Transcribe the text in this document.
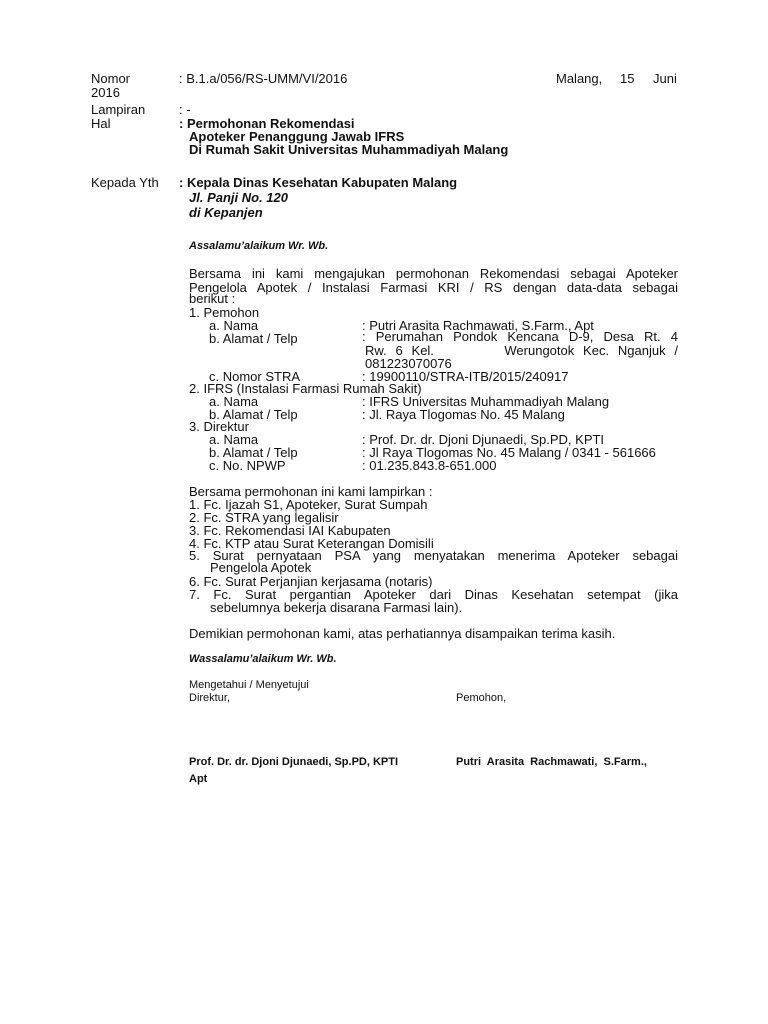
Nomor	: B.1.a/056/RS-UMM/VI/2016	Malang, 15 Juni
2016
Lampiran	: -
Hal	: Permohonan Rekomendasi
Apoteker Penanggung Jawab IFRS
Di Rumah Sakit Universitas Muhammadiyah Malang
Kepada Yth : Kepala Dinas Kesehatan Kabupaten Malang
Jl. Panji No. 120
di Kepanjen
Assalamu’alaikum Wr. Wb.
Bersama ini kami mengajukan permohonan Rekomendasi sebagai Apoteker
Pengelola Apotek / Instalasi Farmasi KRI / RS dengan data-data sebagai
berikut :
1. Pemohon
a. Nama	: Putri Arasita Rachmawati, S.Farm., Apt
b. Alamat / Telp	: Perumahan Pondok Kencana D-9, Desa Rt. 4
Rw. 6 Kel.        Werungotok Kec. Nganjuk /
081223070076
c. Nomor STRA	: 19900110/STRA-ITB/2015/240917
2. IFRS (Instalasi Farmasi Rumah Sakit)
a. Nama	: IFRS Universitas Muhammadiyah Malang
b. Alamat / Telp	: Jl. Raya Tlogomas No. 45 Malang
3. Direktur
a. Nama	: Prof. Dr. dr. Djoni Djunaedi, Sp.PD, KPTI
b. Alamat / Telp	: Jl Raya Tlogomas No. 45 Malang / 0341 - 561666
c. No. NPWP	: 01.235.843.8-651.000
Bersama permohonan ini kami lampirkan :
1. Fc. Ijazah S1, Apoteker, Surat Sumpah
2. Fc. STRA yang legalisir
3. Fc. Rekomendasi IAI Kabupaten
4. Fc. KTP atau Surat Keterangan Domisili
5. Surat pernyataan PSA yang menyatakan menerima Apoteker sebagai
Pengelola Apotek
6. Fc. Surat Perjanjian kerjasama (notaris)
7. Fc. Surat pergantian Apoteker dari Dinas Kesehatan setempat (jika
sebelumnya bekerja disarana Farmasi lain).
Demikian permohonan kami, atas perhatiannya disampaikan terima kasih.
Wassalamu’alaikum Wr. Wb.
Mengetahui / Menyetujui
Direktur,	Pemohon,
Prof. Dr. dr. Djoni Djunaedi, Sp.PD, KPTI	Putri  Arasita  Rachmawati,  S.Farm.,
Apt
